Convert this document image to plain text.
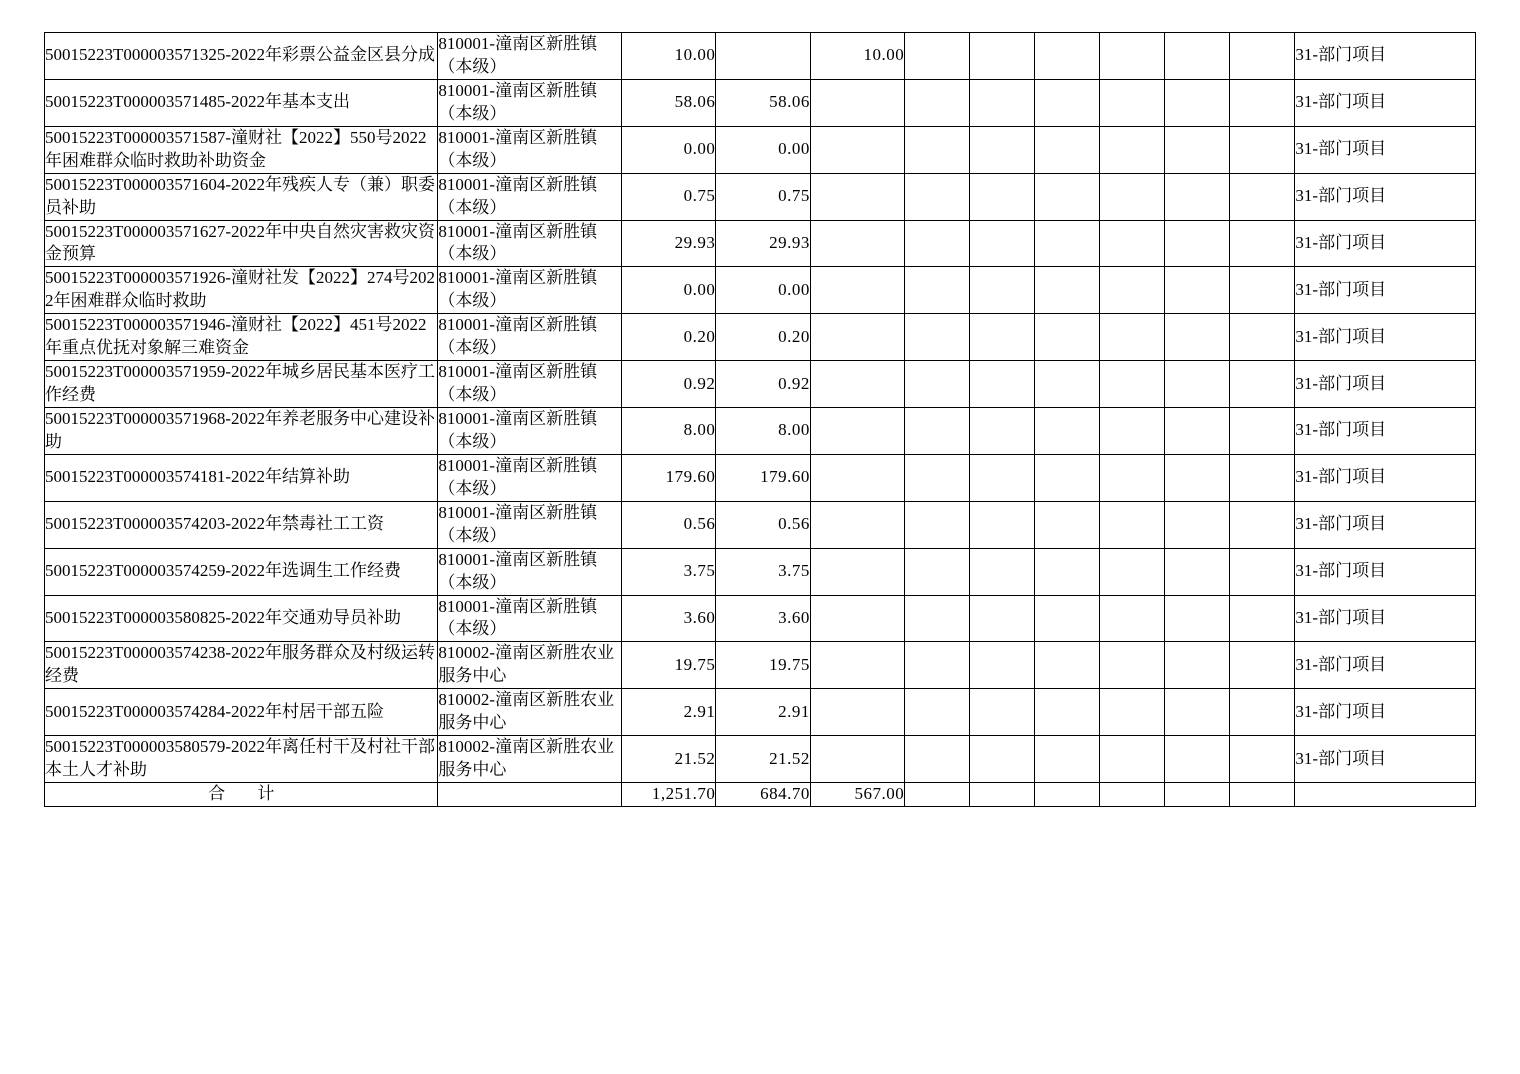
50015223T000003571325-2022年彩票公益金区县分成	810001-潼南区新胜镇（本级）	10.00		10.00							31-部门项目
50015223T000003571485-2022年基本支出	810001-潼南区新胜镇（本级）	58.06	58.06								31-部门项目
50015223T000003571587-潼财社【2022】550号2022年困难群众临时救助补助资金	810001-潼南区新胜镇（本级）	0.00	0.00								31-部门项目
50015223T000003571604-2022年残疾人专（兼）职委员补助	810001-潼南区新胜镇（本级）	0.75	0.75								31-部门项目
50015223T000003571627-2022年中央自然灾害救灾资金预算	810001-潼南区新胜镇（本级）	29.93	29.93								31-部门项目
50015223T000003571926-潼财社发【2022】274号2022年困难群众临时救助	810001-潼南区新胜镇（本级）	0.00	0.00								31-部门项目
50015223T000003571946-潼财社【2022】451号2022年重点优抚对象解三难资金	810001-潼南区新胜镇（本级）	0.20	0.20								31-部门项目
50015223T000003571959-2022年城乡居民基本医疗工作经费	810001-潼南区新胜镇（本级）	0.92	0.92								31-部门项目
50015223T000003571968-2022年养老服务中心建设补助	810001-潼南区新胜镇（本级）	8.00	8.00								31-部门项目
50015223T000003574181-2022年结算补助	810001-潼南区新胜镇（本级）	179.60	179.60								31-部门项目
50015223T000003574203-2022年禁毒社工工资	810001-潼南区新胜镇（本级）	0.56	0.56								31-部门项目
50015223T000003574259-2022年选调生工作经费	810001-潼南区新胜镇（本级）	3.75	3.75								31-部门项目
50015223T000003580825-2022年交通劝导员补助	810001-潼南区新胜镇（本级）	3.60	3.60								31-部门项目
50015223T000003574238-2022年服务群众及村级运转经费	810002-潼南区新胜农业服务中心	19.75	19.75								31-部门项目
50015223T000003574284-2022年村居干部五险	810002-潼南区新胜农业服务中心	2.91	2.91								31-部门项目
50015223T000003580579-2022年离任村干及村社干部本土人才补助	810002-潼南区新胜农业服务中心	21.52	21.52								31-部门项目
合 计		1,251.70	684.70	567.00							
